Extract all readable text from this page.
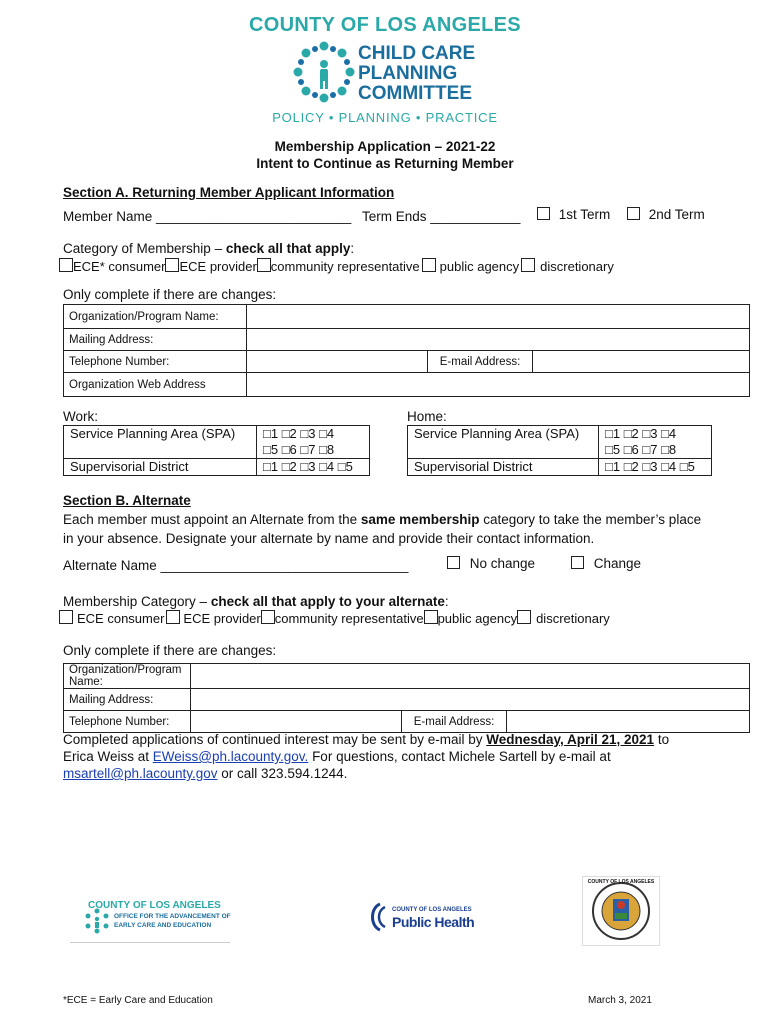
COUNTY OF LOS ANGELES
CHILD CARE
PLANNING
COMMITTEE
POLICY • PLANNING • PRACTICE
Membership Application – 2021-22
Intent to Continue as Returning Member
Section A. Returning Member Applicant Information
Member Name __________________________ Term Ends ____________	1st Term	2nd Term
Category of Membership – check all that apply:
ECE* consumer ECE provider community representative public agency discretionary
Only complete if there are changes:
Organization/Program Name:			
Mailing Address:			
Telephone Number:		E-mail Address:	
Organization Web Address			
Work:	Home:
Service Planning Area (SPA)	□1 □2 □3 □4
□5 □6 □7 □8

Supervisorial District	□1 □2 □3 □4 □5
Service Planning Area (SPA)	□1 □2 □3 □4
□5 □6 □7 □8

Supervisorial District	□1 □2 □3 □4 □5
Section B. Alternate
Each member must appoint an Alternate from the same membership category to take the member’s place
in your absence. Designate your alternate by name and provide their contact information.
Alternate Name _________________________________	No change	Change
Membership Category – check all that apply to your alternate:
ECE consumer ECE provider community representative public agency discretionary
Only complete if there are changes:
Organization/Program Name:			
Mailing Address:			
Telephone Number:		E-mail Address:	
Completed applications of continued interest may be sent by e-mail by Wednesday, April 21, 2021 to
Erica Weiss at EWeiss@ph.lacounty.gov. For questions, contact Michele Sartell by e-mail at
msartell@ph.lacounty.gov or call 323.594.1244.
COUNTY OF LOS ANGELES
OFFICE FOR THE ADVANCEMENT OF
EARLY CARE AND EDUCATION
COUNTY OF LOS ANGELES
Public Health
COUNTY OF LOS ANGELES
*ECE = Early Care and Education	March 3, 2021
